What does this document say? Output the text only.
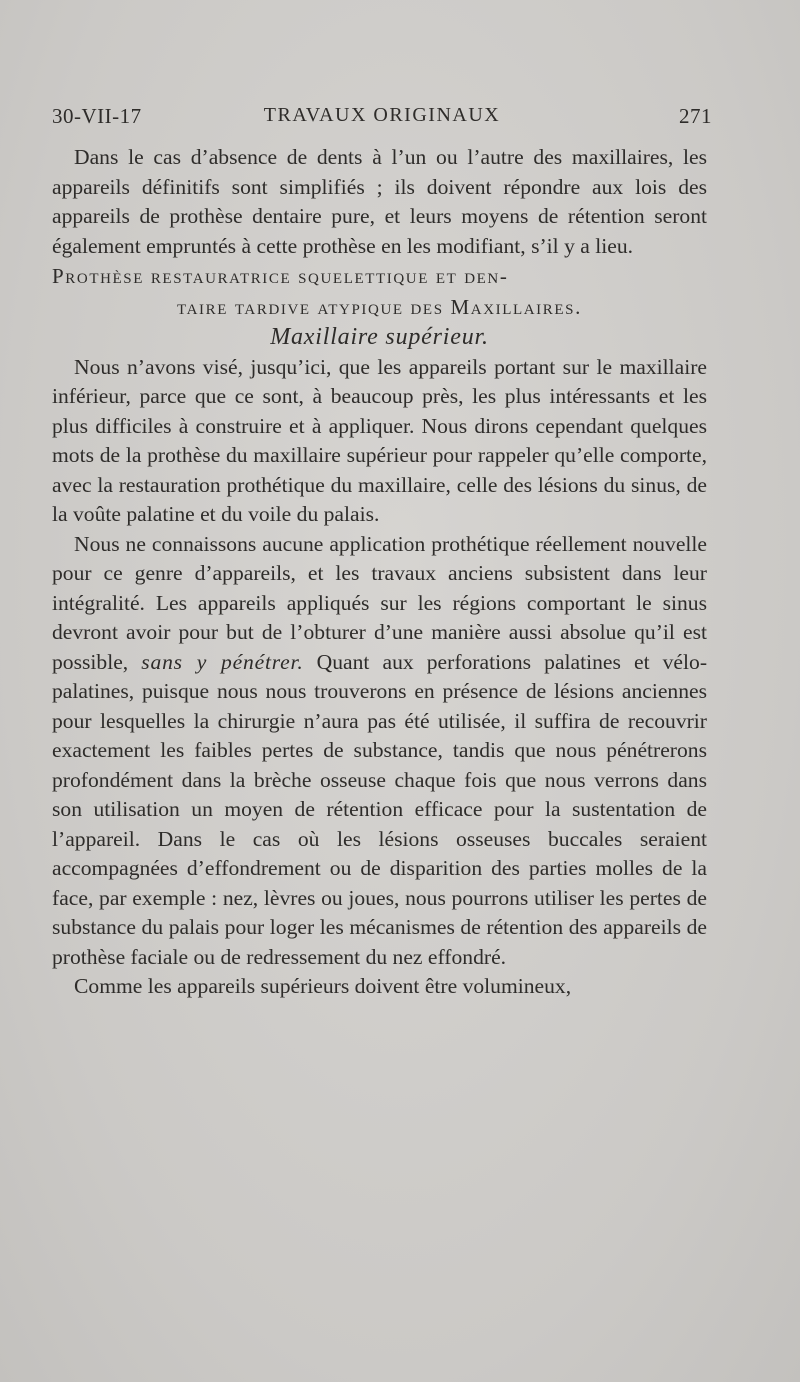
30-VII-17	TRAVAUX ORIGINAUX	271

Dans le cas d’absence de dents à l’un ou l’autre des maxillaires, les appareils définitifs sont simplifiés ; ils doivent répondre aux lois des appareils de prothèse dentaire pure, et leurs moyens de rétention seront également empruntés à cette prothèse en les modifiant, s’il y a lieu.

Prothèse restauratrice squelettique et den-
taire tardive atypique des Maxillaires.

Maxillaire supérieur.

Nous n’avons visé, jusqu’ici, que les appareils portant sur le maxillaire inférieur, parce que ce sont, à beaucoup près, les plus intéressants et les plus difficiles à construire et à appliquer. Nous dirons cependant quelques mots de la prothèse du maxillaire supérieur pour rappeler qu’elle comporte, avec la restauration prothétique du maxillaire, celle des lésions du sinus, de la voûte palatine et du voile du palais.

Nous ne connaissons aucune application prothétique réellement nouvelle pour ce genre d’appareils, et les travaux anciens subsistent dans leur intégralité. Les appareils appliqués sur les régions comportant le sinus devront avoir pour but de l’obturer d’une manière aussi absolue qu’il est possible, sans y pénétrer. Quant aux perforations palatines et vélo-palatines, puisque nous nous trouverons en présence de lésions anciennes pour lesquelles la chirurgie n’aura pas été utilisée, il suffira de recouvrir exactement les faibles pertes de substance, tandis que nous pénétrerons profondément dans la brèche osseuse chaque fois que nous verrons dans son utilisation un moyen de rétention efficace pour la sustentation de l’appareil. Dans le cas où les lésions osseuses buccales seraient accompagnées d’effondrement ou de disparition des parties molles de la face, par exemple : nez, lèvres ou joues, nous pourrons utiliser les pertes de substance du palais pour loger les mécanismes de rétention des appareils de prothèse faciale ou de redressement du nez effondré.

Comme les appareils supérieurs doivent être volumineux,
